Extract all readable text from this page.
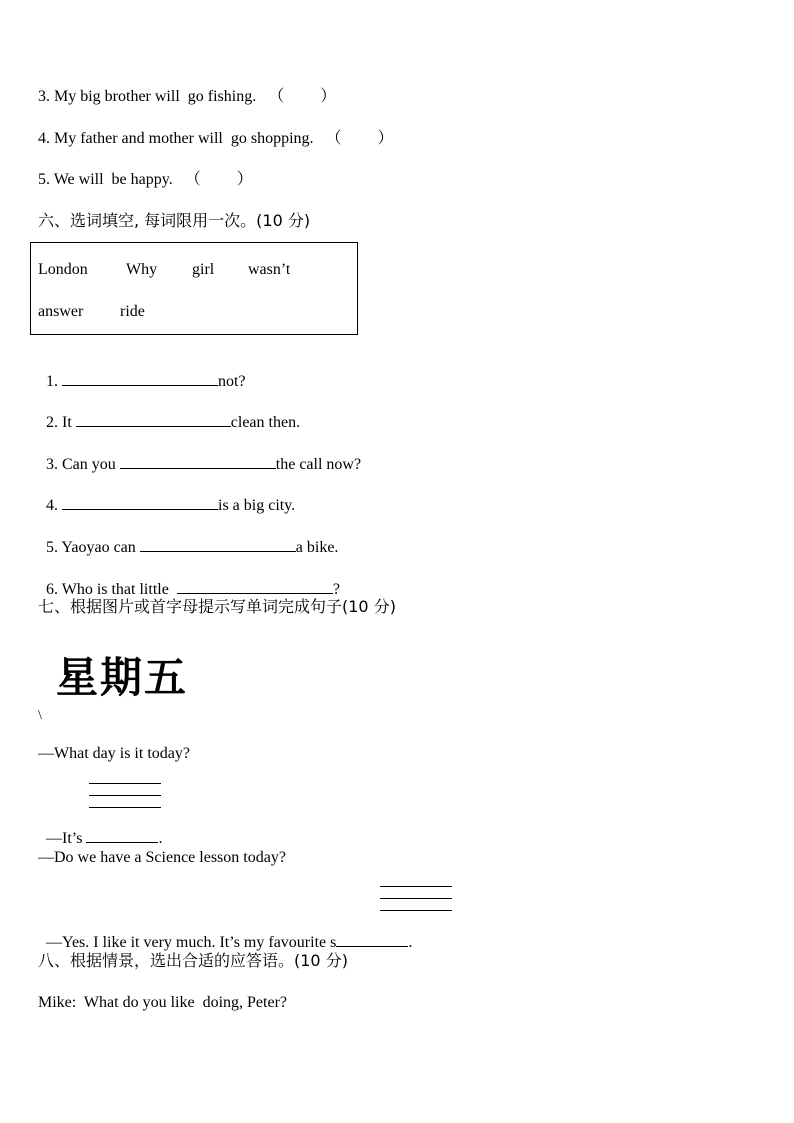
3. My big brother will  go fishing.   （         ）
4. My father and mother will  go shopping.   （         ）
5. We will  be happy.   （         ）
六、选词填空, 每词限用一次。(10 分)
London Why girl wasn’t
answer ride

1.	not?

2. It	clean then.

3. Can you	the call now?

4.	is a big city.

5. Yaoyao can	a bike.

6. Who is that little	?

七、根据图片或首字母提示写单词完成句子(10 分)
星期五
\
—What day is it today?

—It’s	.

—Do we have a Science lesson today?

—Yes. I like it very much. It’s my favourite s	.

八、根据情景，选出合适的应答语。(10 分)
Mike:  What do you like  doing, Peter?
